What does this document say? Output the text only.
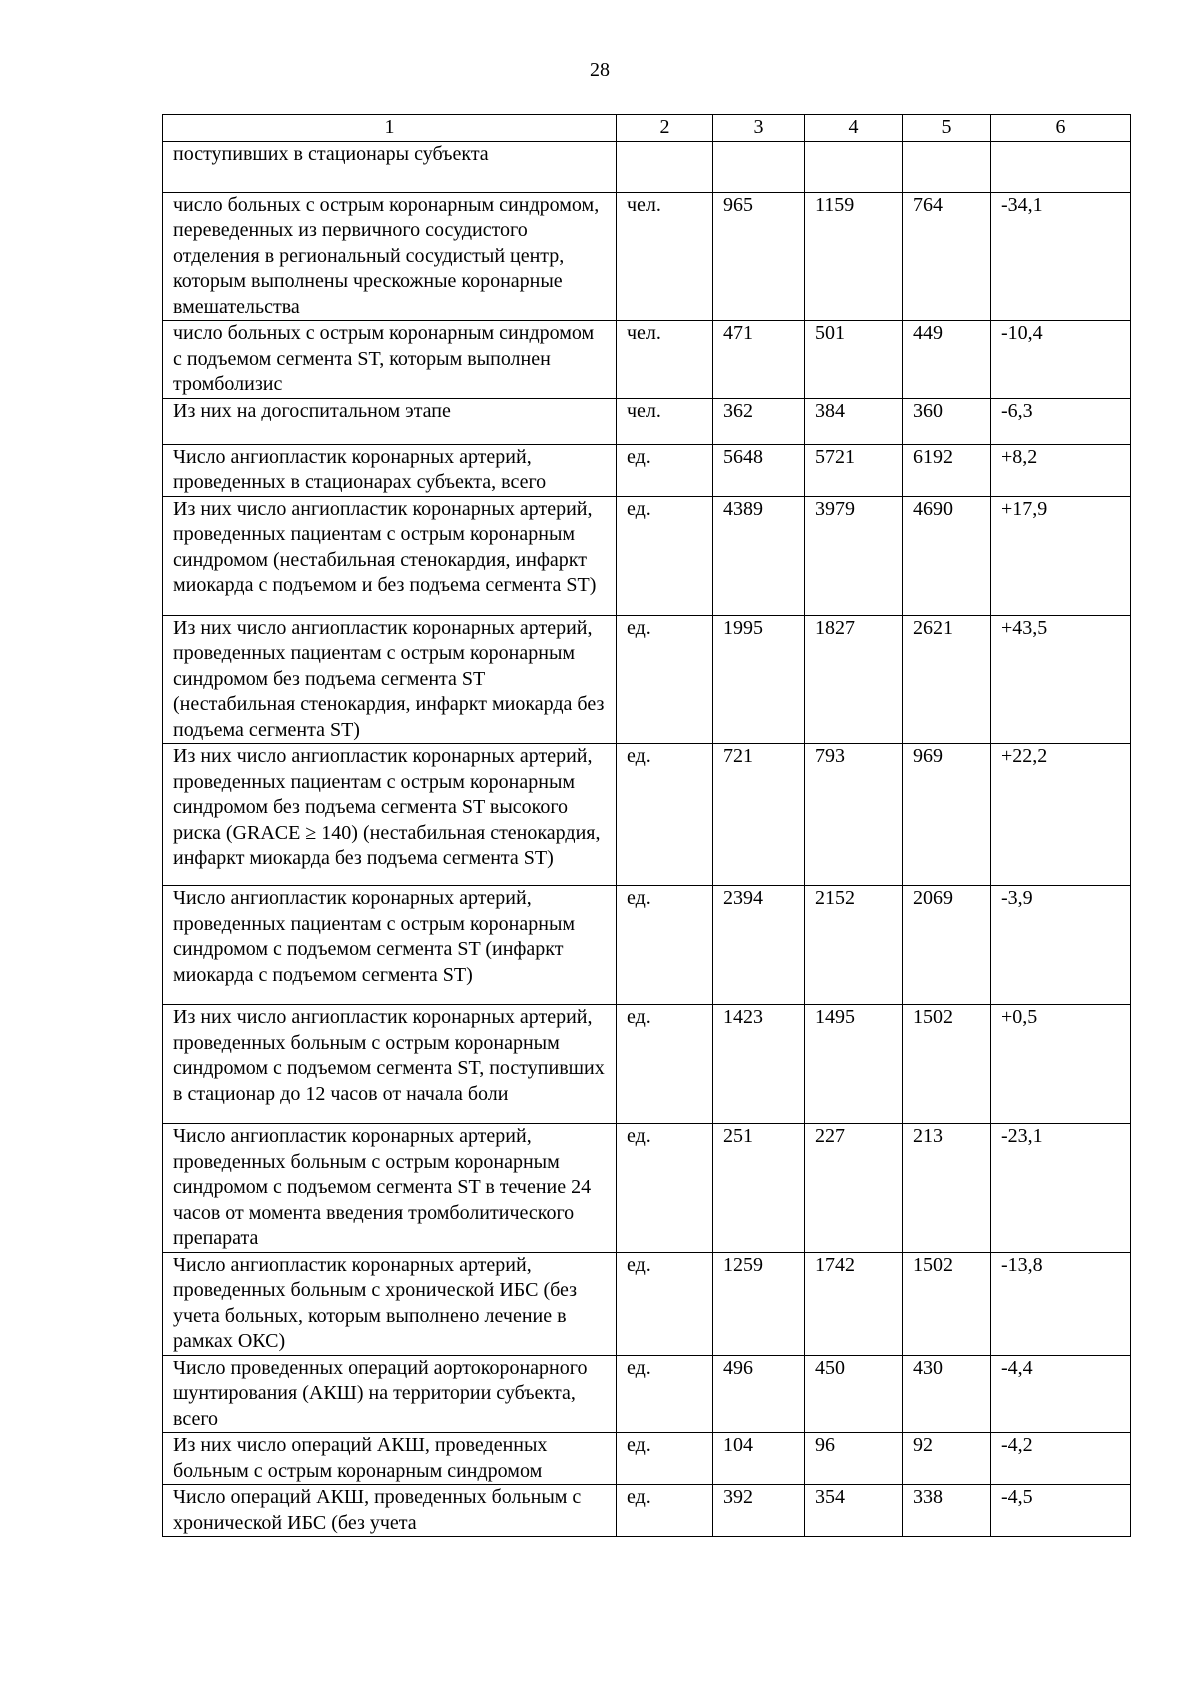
28
1	2	3	4	5	6
поступивших в стационары субъекта					
число больных с острым коронарным синдромом, переведенных из первичного сосудистого отделения в региональный сосудистый центр, которым выполнены чрескожные коронарные вмешательства	чел.	965	1159	764	-34,1
число больных с острым коронарным синдромом с подъемом сегмента ST, которым выполнен тромболизис	чел.	471	501	449	-10,4
Из них на догоспитальном этапе	чел.	362	384	360	-6,3
Число ангиопластик коронарных артерий, проведенных в стационарах субъекта, всего	ед.	5648	5721	6192	+8,2
Из них число ангиопластик коронарных артерий, проведенных пациентам с острым коронарным синдромом (нестабильная стенокардия, инфаркт миокарда с подъемом и без подъема сегмента ST)	ед.	4389	3979	4690	+17,9
Из них число ангиопластик коронарных артерий, проведенных пациентам с острым коронарным синдромом без подъема сегмента ST (нестабильная стенокардия, инфаркт миокарда без подъема сегмента ST)	ед.	1995	1827	2621	+43,5
Из них число ангиопластик коронарных артерий, проведенных пациентам с острым коронарным синдромом без подъема сегмента ST высокого риска (GRACE ≥ 140) (нестабильная стенокардия, инфаркт миокарда без подъема сегмента ST)	ед.	721	793	969	+22,2
Число ангиопластик коронарных артерий, проведенных пациентам с острым коронарным синдромом с подъемом сегмента ST (инфаркт миокарда с подъемом сегмента ST)	ед.	2394	2152	2069	-3,9
Из них число ангиопластик коронарных артерий, проведенных больным с острым коронарным синдромом с подъемом сегмента ST, поступивших в стационар до 12 часов от начала боли	ед.	1423	1495	1502	+0,5
Число ангиопластик коронарных артерий, проведенных больным с острым коронарным синдромом с подъемом сегмента ST в течение 24 часов от момента введения тромболитического препарата	ед.	251	227	213	-23,1
Число ангиопластик коронарных артерий, проведенных больным с хронической ИБС (без учета больных, которым выполнено лечение в рамках ОКС)	ед.	1259	1742	1502	-13,8
Число проведенных операций аортокоронарного шунтирования (АКШ) на территории субъекта, всего	ед.	496	450	430	-4,4
Из них число операций АКШ, проведенных больным с острым коронарным синдромом	ед.	104	96	92	-4,2
Число операций АКШ, проведенных больным с хронической ИБС (без учета	ед.	392	354	338	-4,5
